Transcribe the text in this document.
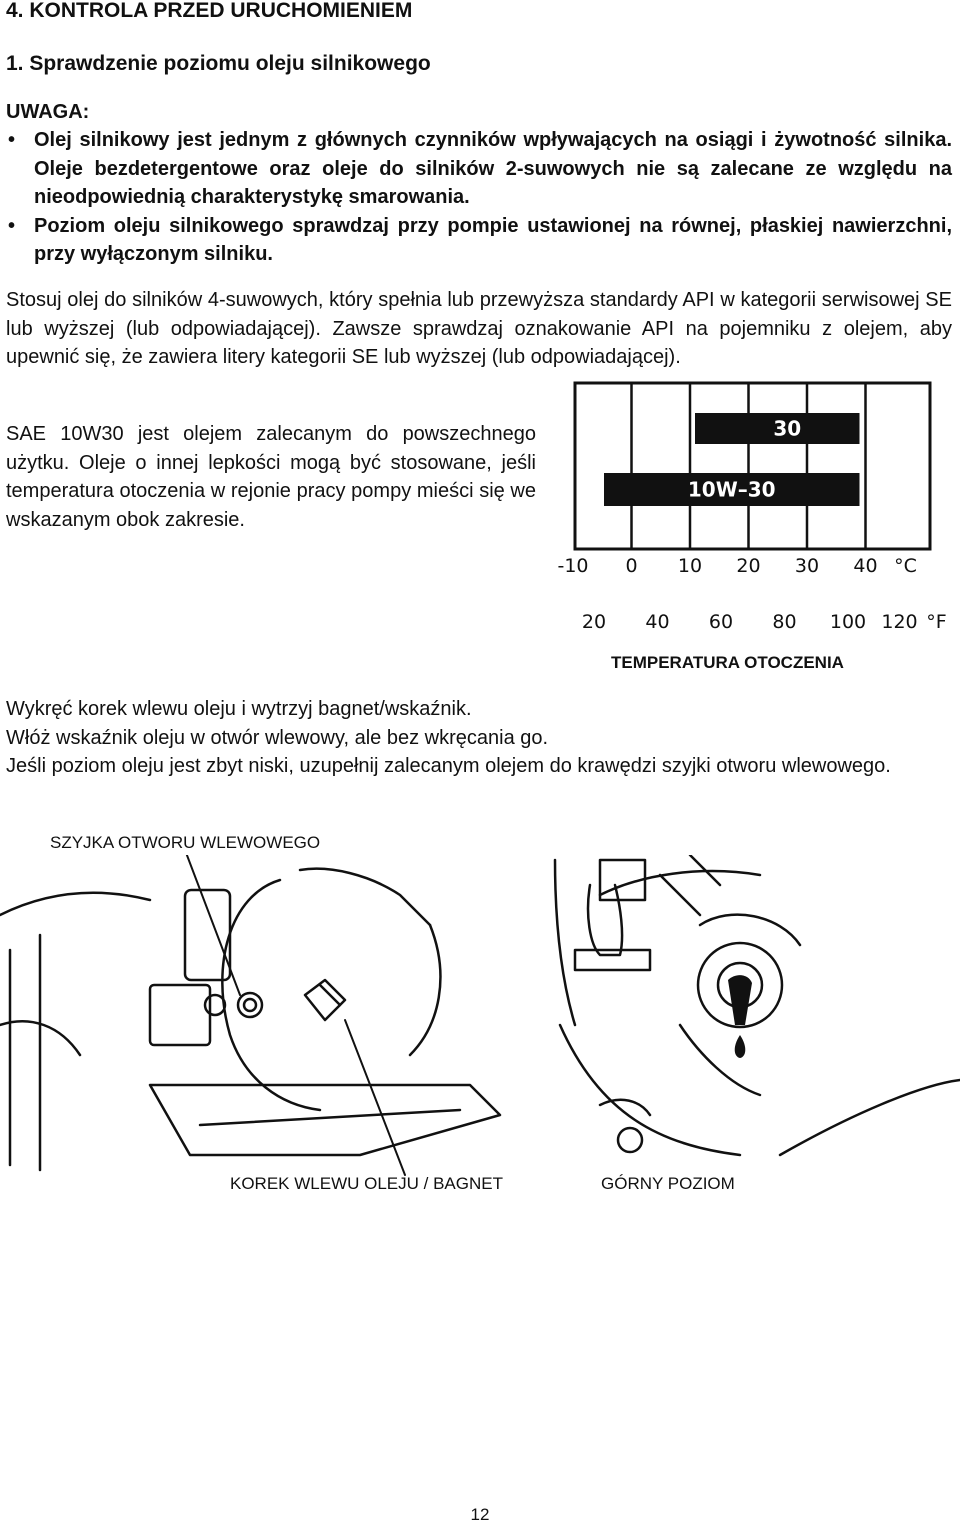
4. KONTROLA PRZED URUCHOMIENIEM
1. Sprawdzenie poziomu oleju silnikowego
UWAGA:
• Olej silnikowy jest jednym z głównych czynników wpływających na osiągi i żywotność silnika. Oleje bezdetergentowe oraz oleje do silników 2-suwowych nie są zalecane ze względu na nieodpowiednią charakterystykę smarowania.
• Poziom oleju silnikowego sprawdzaj przy pompie ustawionej na równej, płaskiej nawierzchni, przy wyłączonym silniku.
Stosuj olej do silników 4-suwowych, który spełnia lub przewyższa standardy API w kategorii serwisowej SE lub wyższej (lub odpowiadającej). Zawsze sprawdzaj oznakowanie API na pojemniku z olejem, aby upewnić się, że zawiera litery kategorii SE lub wyższej (lub odpowiadającej).
SAE 10W30 jest olejem zalecanym do powszechnego użytku. Oleje o innej lepkości mogą być stosowane, jeśli temperatura otoczenia w rejonie pracy pompy mieści się we wskazanym obok zakresie.
30
10W–30
-10 0 10 20 30 40 °C
20 40 60 80 100 120 °F
TEMPERATURA OTOCZENIA
Wykręć korek wlewu oleju i wytrzyj bagnet/wskaźnik.
Włóż wskaźnik oleju w otwór wlewowy, ale bez wkręcania go.
Jeśli poziom oleju jest zbyt niski, uzupełnij zalecanym olejem do krawędzi szyjki otworu wlewowego.
SZYJKA OTWORU WLEWOWEGO
KOREK WLEWU OLEJU / BAGNET	GÓRNY POZIOM
12
